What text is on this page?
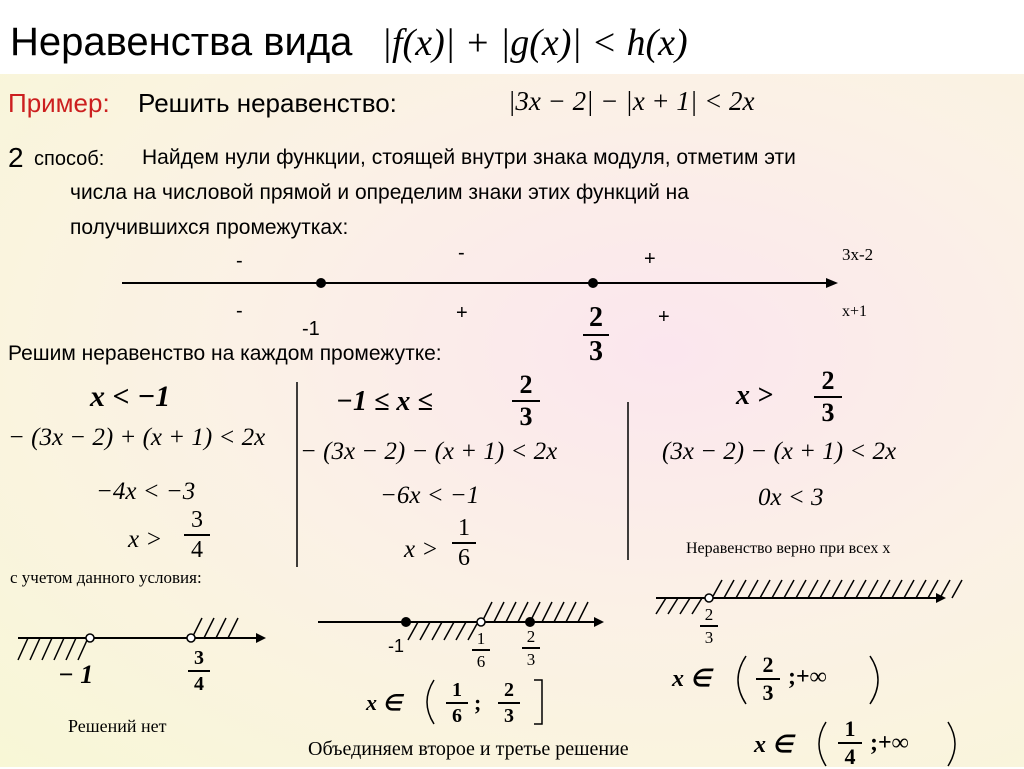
Неравенства вида |f(x)| + |g(x)| < h(x)
Пример: Решить неравенство:	|3x − 2| − |x + 1| < 2x
2 способ: Найдем нули функции, стоящей внутри знака модуля, отметим эти
числа на числовой прямой и определим знаки этих функций на
получившихся промежутках:
-	-	+	3x-2
-	+	+	x+1
-1	2
3
Решим неравенство на каждом промежутке:
x < −1
− (3x − 2) + (x + 1) < 2x
−4x < −3
x >
3
4
с учетом данного условия:
−1 ≤ x ≤
2
3
− (3x − 2) − (x + 1) < 2x
−6x < −1
x >
1
6
x > 2
3
(3x − 2) − (x + 1) < 2x
0x < 3
Неравенство верно при всех x
− 1
3
4
Решений нет
-1	1
6
2
3
x ∈	1
6
;	2
3
2
3
x ∈
2
3
;+∞
Объединяем второе и третье решение	x ∈
1
4
;+∞
